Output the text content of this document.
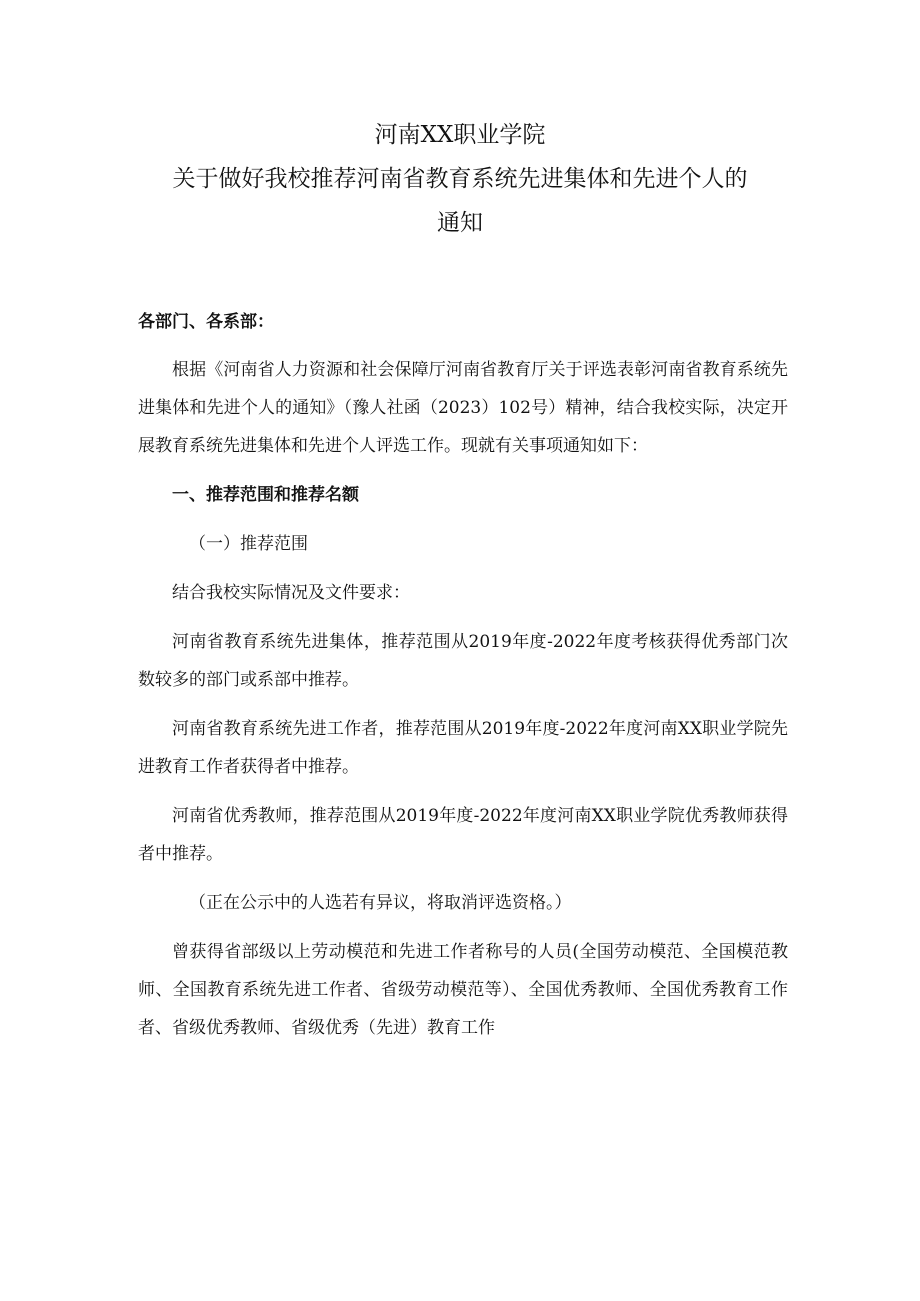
河南XX职业学院
关于做好我校推荐河南省教育系统先进集体和先进个人的
通知

各部门、各系部：

根据《河南省人力资源和社会保障厅河南省教育厅关于评选表彰河南省教育系统先进集体和先进个人的通知》（豫人社函（2023）102号）精神，结合我校实际，决定开展教育系统先进集体和先进个人评选工作。现就有关事项通知如下：

一、推荐范围和推荐名额

（一）推荐范围

结合我校实际情况及文件要求：

河南省教育系统先进集体，推荐范围从2019年度-2022年度考核获得优秀部门次数较多的部门或系部中推荐。

河南省教育系统先进工作者，推荐范围从2019年度-2022年度河南XX职业学院先进教育工作者获得者中推荐。

河南省优秀教师，推荐范围从2019年度-2022年度河南XX职业学院优秀教师获得者中推荐。

（正在公示中的人选若有异议，将取消评选资格。）

曾获得省部级以上劳动模范和先进工作者称号的人员(全国劳动模范、全国模范教师、全国教育系统先进工作者、省级劳动模范等）、全国优秀教师、全国优秀教育工作者、省级优秀教师、省级优秀（先进）教育工作
